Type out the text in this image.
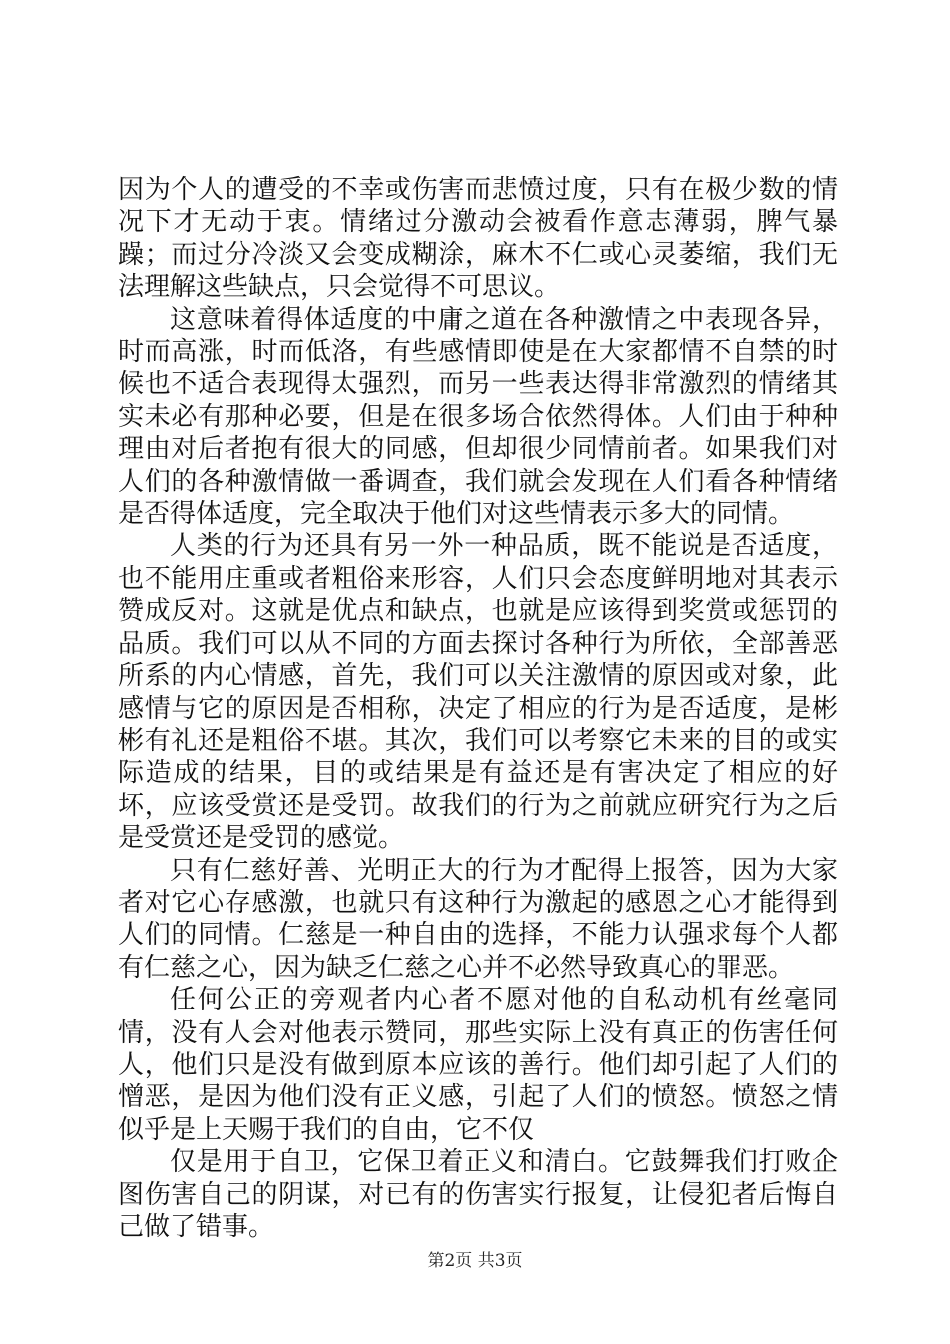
因为个人的遭受的不幸或伤害而悲愤过度，只有在极少数的情况下才无动于衷。情绪过分激动会被看作意志薄弱，脾气暴躁；而过分冷淡又会变成糊涂，麻木不仁或心灵萎缩，我们无法理解这些缺点，只会觉得不可思议。

这意味着得体适度的中庸之道在各种激情之中表现各异，时而高涨，时而低洛，有些感情即使是在大家都情不自禁的时候也不适合表现得太强烈，而另一些表达得非常激烈的情绪其实未必有那种必要，但是在很多场合依然得体。人们由于种种理由对后者抱有很大的同感，但却很少同情前者。如果我们对人们的各种激情做一番调查，我们就会发现在人们看各种情绪是否得体适度，完全取决于他们对这些情表示多大的同情。

人类的行为还具有另一外一种品质，既不能说是否适度，也不能用庄重或者粗俗来形容，人们只会态度鲜明地对其表示赞成反对。这就是优点和缺点，也就是应该得到奖赏或惩罚的品质。我们可以从不同的方面去探讨各种行为所依，全部善恶所系的内心情感，首先，我们可以关注激情的原因或对象，此感情与它的原因是否相称，决定了相应的行为是否适度，是彬彬有礼还是粗俗不堪。其次，我们可以考察它未来的目的或实际造成的结果，目的或结果是有益还是有害决定了相应的好坏，应该受赏还是受罚。故我们的行为之前就应研究行为之后是受赏还是受罚的感觉。

只有仁慈好善、光明正大的行为才配得上报答，因为大家者对它心存感激，也就只有这种行为激起的感恩之心才能得到人们的同情。仁慈是一种自由的选择，不能力认强求每个人都有仁慈之心，因为缺乏仁慈之心并不必然导致真心的罪恶。

任何公正的旁观者内心者不愿对他的自私动机有丝毫同情，没有人会对他表示赞同，那些实际上没有真正的伤害任何人，他们只是没有做到原本应该的善行。他们却引起了人们的憎恶，是因为他们没有正义感，引起了人们的愤怒。愤怒之情似乎是上天赐于我们的自由，它不仅

仅是用于自卫，它保卫着正义和清白。它鼓舞我们打败企图伤害自己的阴谋，对已有的伤害实行报复，让侵犯者后悔自己做了错事。

第2页 共3页
